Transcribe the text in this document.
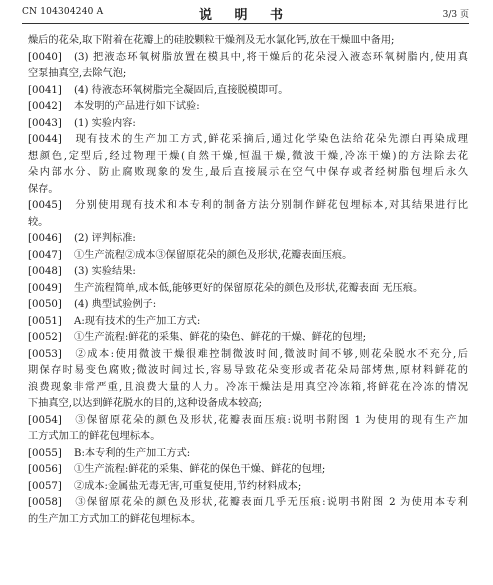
CN 104304240 A	说 明 书	3/3 页
燥后的花朵,取下附着在花瓣上的硅胶颗粒干燥剂及无水氯化钙,放在干燥皿中备用;
[0040] (3) 把液态环氧树脂放置在模具中,将干燥后的花朵浸入液态环氧树脂内,使用真
空泵抽真空,去除气泡;
[0041] (4) 待液态环氧树脂完全凝固后,直接脱模即可。
[0042] 本发明的产品进行如下试验:
[0043] (1) 实验内容:
[0044] 现有技术的生产加工方式,鲜花采摘后,通过化学染色法给花朵先漂白再染成理
想颜色,定型后,经过物理干燥(自然干燥,恒温干燥,微波干燥,冷冻干燥)的方法除去花
朵内部水分、防止腐败现象的发生,最后直接展示在空气中保存或者经树脂包埋后永久
保存。
[0045] 分别使用现有技术和本专利的制备方法分别制作鲜花包埋标本,对其结果进行比
较。
[0046] (2) 评判标准:
[0047] ①生产流程②成本③保留原花朵的颜色及形状,花瓣表面压痕。
[0048] (3) 实验结果:
[0049] 生产流程简单,成本低,能够更好的保留原花朵的颜色及形状,花瓣表面 无压痕。
[0050] (4) 典型试验例子:
[0051] A:现有技术的生产加工方式:
[0052] ①生产流程:鲜花的采集、鲜花的染色、鲜花的干燥、鲜花的包埋;
[0053] ②成本:使用微波干燥很难控制微波时间,微波时间不够,则花朵脱水不充分,后
期保存时易变色腐败;微波时间过长,容易导致花朵变形或者花朵局部烤焦,原材料鲜花的
浪费现象非常严重,且浪费大量的人力。冷冻干燥法是用真空冷冻箱,将鲜花在冷冻的情况
下抽真空,以达到鲜花脱水的目的,这种设备成本较高;
[0054] ③保留原花朵的颜色及形状,花瓣表面压痕:说明书附图 1 为使用的现有生产加
工方式加工的鲜花包埋标本。
[0055] B:本专利的生产加工方式:
[0056] ①生产流程:鲜花的采集、鲜花的保色干燥、鲜花的包埋;
[0057] ②成本:金属盐无毒无害,可重复使用,节约材料成本;
[0058] ③保留原花朵的颜色及形状,花瓣表面几乎无压痕:说明书附图 2 为使用本专利
的生产加工方式加工的鲜花包埋标本。
